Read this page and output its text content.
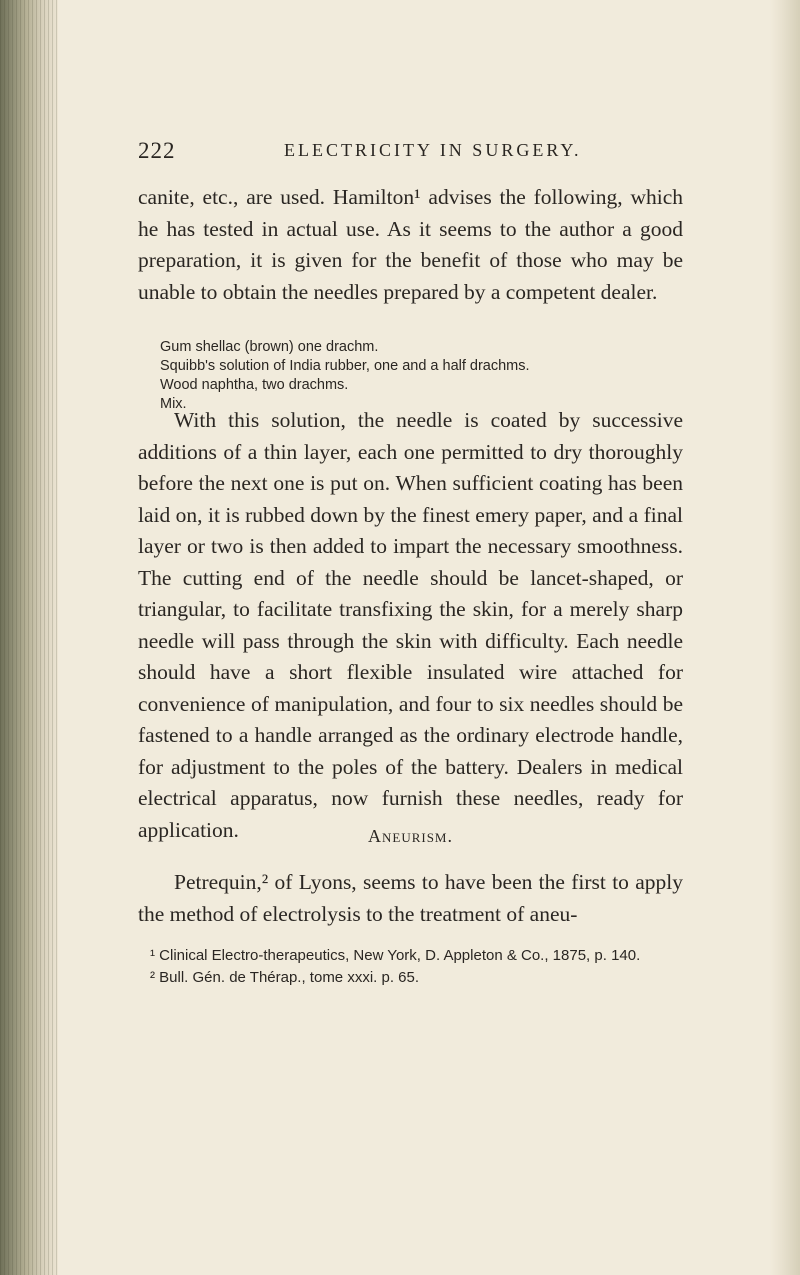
222	ELECTRICITY IN SURGERY.

canite, etc., are used. Hamilton¹ advises the following, which he has tested in actual use. As it seems to the author a good preparation, it is given for the benefit of those who may be unable to obtain the needles prepared by a competent dealer.

Gum shellac (brown) one drachm.
Squibb's solution of India rubber, one and a half drachms.
Wood naphtha, two drachms.
Mix.

With this solution, the needle is coated by successive additions of a thin layer, each one permitted to dry thoroughly before the next one is put on. When sufficient coating has been laid on, it is rubbed down by the finest emery paper, and a final layer or two is then added to impart the necessary smoothness. The cutting end of the needle should be lancet-shaped, or triangular, to facilitate transfixing the skin, for a merely sharp needle will pass through the skin with difficulty. Each needle should have a short flexible insulated wire attached for convenience of manipulation, and four to six needles should be fastened to a handle arranged as the ordinary electrode handle, for adjustment to the poles of the battery. Dealers in medical electrical apparatus, now furnish these needles, ready for application.	Aneurism.

Petrequin,² of Lyons, seems to have been the first to apply the method of electrolysis to the treatment of aneu-

¹ Clinical Electro-therapeutics, New York, D. Appleton & Co., 1875, p. 140.
² Bull. Gén. de Thérap., tome xxxi. p. 65.
